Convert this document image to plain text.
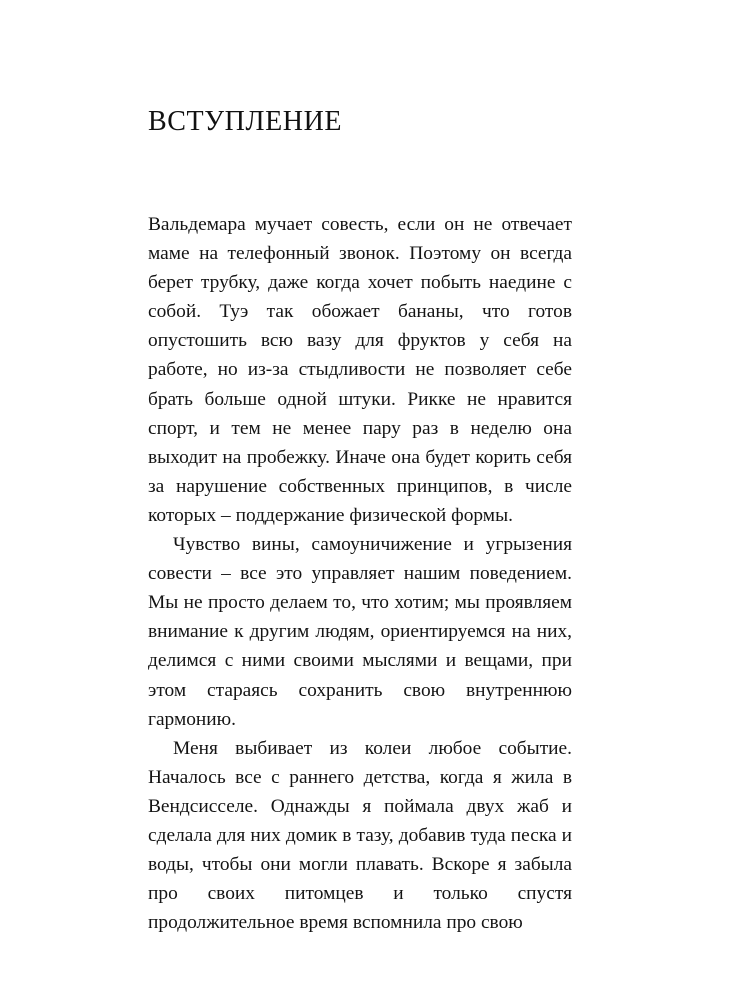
ВСТУПЛЕНИЕ

Вальдемара мучает совесть, если он не отвечает маме на телефонный звонок. Поэтому он всегда берет трубку, даже когда хочет побыть наедине с собой. Туэ так обожает бананы, что готов опустошить всю вазу для фруктов у себя на работе, но из-за стыдливости не позволяет себе брать больше одной штуки. Рикке не нравится спорт, и тем не менее пару раз в неделю она выходит на пробежку. Иначе она будет корить себя за нарушение собственных принципов, в числе которых – поддержание физической формы.

Чувство вины, самоуничижение и угрызения совести – все это управляет нашим поведением. Мы не просто делаем то, что хотим; мы проявляем внимание к другим людям, ориентируемся на них, делимся с ними своими мыслями и вещами, при этом стараясь сохранить свою внутреннюю гармонию.

Меня выбивает из колеи любое событие. Началось все с раннего детства, когда я жила в Вендсисселе. Однажды я поймала двух жаб и сделала для них домик в тазу, добавив туда песка и воды, чтобы они могли плавать. Вскоре я забыла про своих питомцев и только спустя продолжительное время вспомнила про свою
